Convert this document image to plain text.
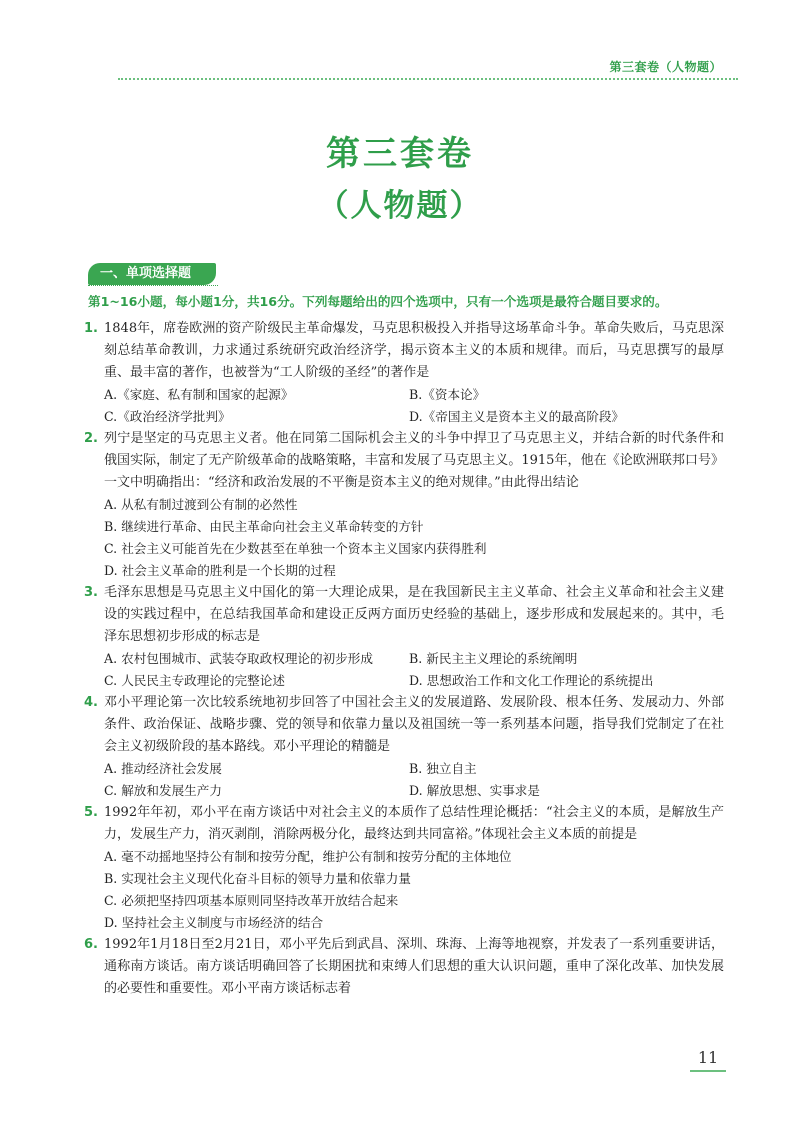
第三套卷（人物题）
第三套卷
（人物题）
一、单项选择题
第1~16小题，每小题1分，共16分。下列每题给出的四个选项中，只有一个选项是最符合题目要求的。
1. 1848年，席卷欧洲的资产阶级民主革命爆发，马克思积极投入并指导这场革命斗争。革命失败后，马克思深刻总结革命教训，力求通过系统研究政治经济学，揭示资本主义的本质和规律。而后，马克思撰写的最厚重、最丰富的著作，也被誉为“工人阶级的圣经”的著作是
A.《家庭、私有制和国家的起源》	B.《资本论》
C.《政治经济学批判》	D.《帝国主义是资本主义的最高阶段》
2. 列宁是坚定的马克思主义者。他在同第二国际机会主义的斗争中捍卫了马克思主义，并结合新的时代条件和俄国实际，制定了无产阶级革命的战略策略，丰富和发展了马克思主义。1915年，他在《论欧洲联邦口号》一文中明确指出：“经济和政治发展的不平衡是资本主义的绝对规律。”由此得出结论
A. 从私有制过渡到公有制的必然性
B. 继续进行革命、由民主革命向社会主义革命转变的方针
C. 社会主义可能首先在少数甚至在单独一个资本主义国家内获得胜利
D. 社会主义革命的胜利是一个长期的过程
3. 毛泽东思想是马克思主义中国化的第一大理论成果，是在我国新民主主义革命、社会主义革命和社会主义建设的实践过程中，在总结我国革命和建设正反两方面历史经验的基础上，逐步形成和发展起来的。其中，毛泽东思想初步形成的标志是
A. 农村包围城市、武装夺取政权理论的初步形成	B. 新民主主义理论的系统阐明
C. 人民民主专政理论的完整论述	D. 思想政治工作和文化工作理论的系统提出
4. 邓小平理论第一次比较系统地初步回答了中国社会主义的发展道路、发展阶段、根本任务、发展动力、外部条件、政治保证、战略步骤、党的领导和依靠力量以及祖国统一等一系列基本问题，指导我们党制定了在社会主义初级阶段的基本路线。邓小平理论的精髓是
A. 推动经济社会发展	B. 独立自主
C. 解放和发展生产力	D. 解放思想、实事求是
5. 1992年年初，邓小平在南方谈话中对社会主义的本质作了总结性理论概括：“社会主义的本质，是解放生产力，发展生产力，消灭剥削，消除两极分化，最终达到共同富裕。”体现社会主义本质的前提是
A. 毫不动摇地坚持公有制和按劳分配，维护公有制和按劳分配的主体地位
B. 实现社会主义现代化奋斗目标的领导力量和依靠力量
C. 必须把坚持四项基本原则同坚持改革开放结合起来
D. 坚持社会主义制度与市场经济的结合
6. 1992年1月18日至2月21日，邓小平先后到武昌、深圳、珠海、上海等地视察，并发表了一系列重要讲话，通称南方谈话。南方谈话明确回答了长期困扰和束缚人们思想的重大认识问题，重申了深化改革、加快发展的必要性和重要性。邓小平南方谈话标志着
11
